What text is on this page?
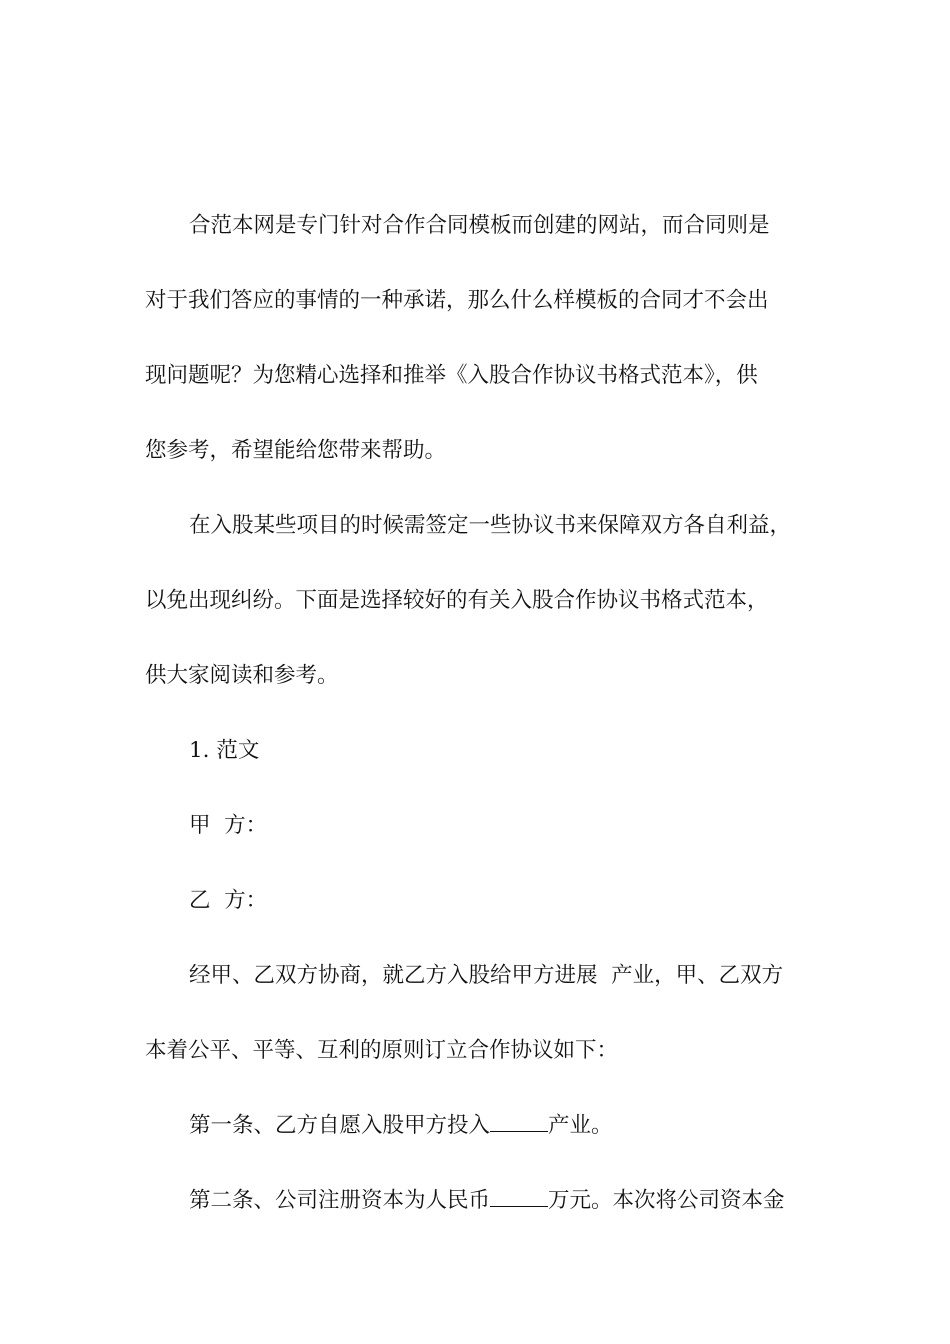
合范本网是专门针对合作合同模板而创建的网站，而合同则是
对于我们答应的事情的一种承诺，那么什么样模板的合同才不会出
现问题呢？为您精心选择和推举《入股合作协议书格式范本》，供
您参考，希望能给您带来帮助。
在入股某些项目的时候需签定一些协议书来保障双方各自利益，
以免出现纠纷。下面是选择较好的有关入股合作协议书格式范本，
供大家阅读和参考。
1. 范文
甲  方：
乙  方：
经甲、乙双方协商，就乙方入股给甲方进展  产业，甲、乙双方
本着公平、平等、互利的原则订立合作协议如下：
第一条、乙方自愿入股甲方投入	产业。
第二条、公司注册资本为人民币	万元。本次将公司资本金
